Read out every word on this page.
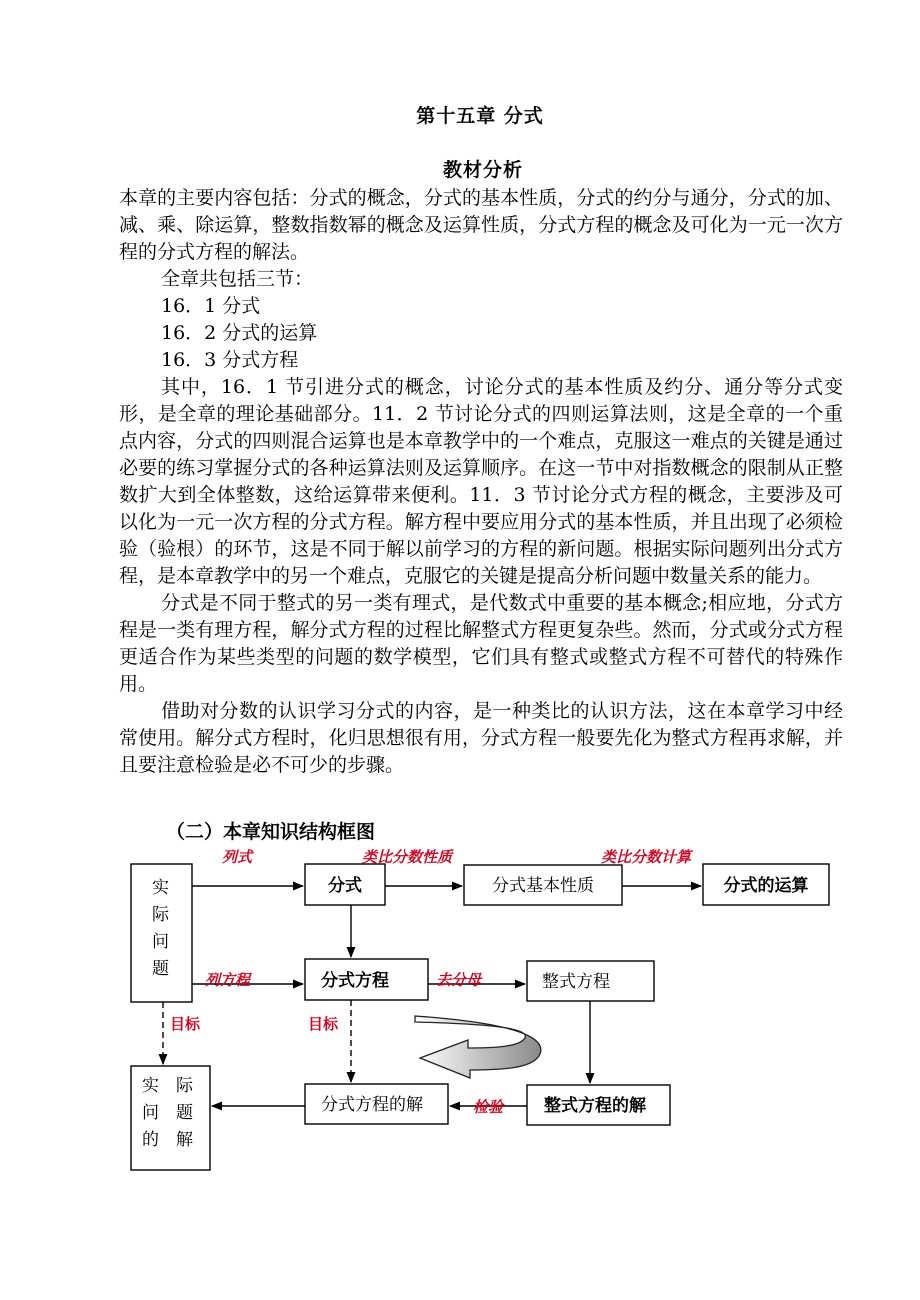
第十五章 分式
教材分析

本章的主要内容包括：分式的概念，分式的基本性质，分式的约分与通分，分式的加、减、乘、除运算，整数指数幂的概念及运算性质，分式方程的概念及可化为一元一次方程的分式方程的解法。

全章共包括三节：

16．1 分式

16．2 分式的运算

16．3 分式方程

其中，16．1 节引进分式的概念，讨论分式的基本性质及约分、通分等分式变形，是全章的理论基础部分。11．2 节讨论分式的四则运算法则，这是全章的一个重点内容，分式的四则混合运算也是本章教学中的一个难点，克服这一难点的关键是通过必要的练习掌握分式的各种运算法则及运算顺序。在这一节中对指数概念的限制从正整数扩大到全体整数，这给运算带来便利。11．3 节讨论分式方程的概念，主要涉及可以化为一元一次方程的分式方程。解方程中要应用分式的基本性质，并且出现了必须检验（验根）的环节，这是不同于解以前学习的方程的新问题。根据实际问题列出分式方程，是本章教学中的另一个难点，克服它的关键是提高分析问题中数量关系的能力。

分式是不同于整式的另一类有理式，是代数式中重要的基本概念;相应地，分式方程是一类有理方程，解分式方程的过程比解整式方程更复杂些。然而，分式或分式方程更适合作为某些类型的问题的数学模型，它们具有整式或整式方程不可替代的特殊作用。

借助对分数的认识学习分式的内容，是一种类比的认识方法，这在本章学习中经常使用。解分式方程时，化归思想很有用，分式方程一般要先化为整式方程再求解，并且要注意检验是必不可少的步骤。

（二）本章知识结构框图
实
际
问
题
分式	分式基本性质	分式的运算
分式方程	整式方程
分式方程的解	整式方程的解
实 际
问 题
的 解
列式	类比分数性质	类比分数计算
列方程	去分母
目标	目标
检验
